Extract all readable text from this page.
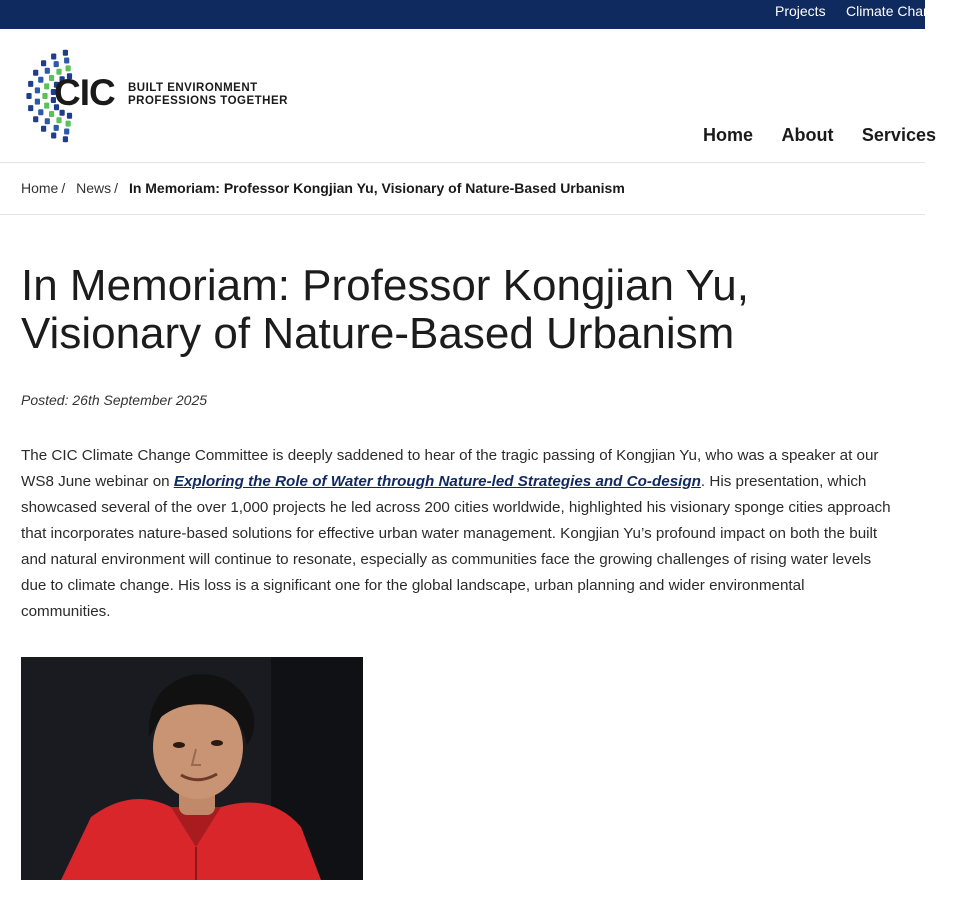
Projects Climate Change
CIC BUILT ENVIRONMENT
PROFESSIONS TOGETHER
Home About Services
Home / News / In Memoriam: Professor Kongjian Yu, Visionary of Nature-Based Urbanism
In Memoriam: Professor Kongjian Yu, Visionary of Nature-Based Urbanism
Posted: 26th September 2025

The CIC Climate Change Committee is deeply saddened to hear of the tragic passing of Kongjian Yu, who was a speaker at our WS8 June webinar on Exploring the Role of Water through Nature-led Strategies and Co-design. His presentation, which showcased several of the over 1,000 projects he led across 200 cities worldwide, highlighted his visionary sponge cities approach that incorporates nature-based solutions for effective urban water management. Kongjian Yu’s profound impact on both the built and natural environment will continue to resonate, especially as communities face the growing challenges of rising water levels due to climate change. His loss is a significant one for the global landscape, urban planning and wider environmental communities.
